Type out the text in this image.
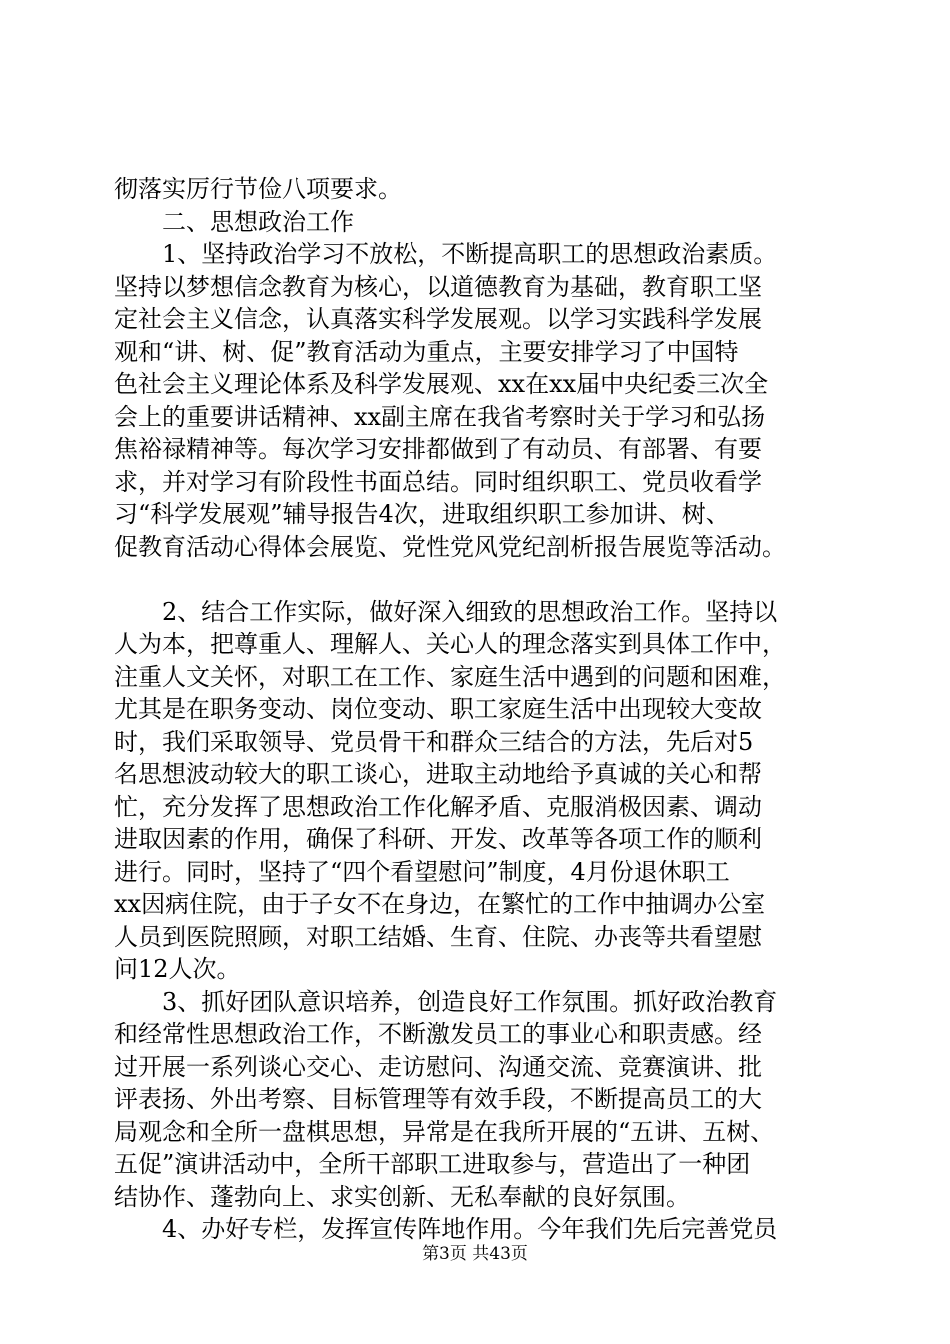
彻落实厉行节俭八项要求。
二、思想政治工作
1、坚持政治学习不放松，不断提高职工的思想政治素质。
坚持以梦想信念教育为核心，以道德教育为基础，教育职工坚
定社会主义信念，认真落实科学发展观。以学习实践科学发展
观和“讲、树、促”教育活动为重点，主要安排学习了中国特
色社会主义理论体系及科学发展观、xx在xx届中央纪委三次全
会上的重要讲话精神、xx副主席在我省考察时关于学习和弘扬
焦裕禄精神等。每次学习安排都做到了有动员、有部署、有要
求，并对学习有阶段性书面总结。同时组织职工、党员收看学
习“科学发展观”辅导报告4次，进取组织职工参加讲、树、
促教育活动心得体会展览、党性党风党纪剖析报告展览等活动。
2、结合工作实际，做好深入细致的思想政治工作。坚持以
人为本，把尊重人、理解人、关心人的理念落实到具体工作中，
注重人文关怀，对职工在工作、家庭生活中遇到的问题和困难，
尤其是在职务变动、岗位变动、职工家庭生活中出现较大变故
时，我们采取领导、党员骨干和群众三结合的方法，先后对5
名思想波动较大的职工谈心，进取主动地给予真诚的关心和帮
忙，充分发挥了思想政治工作化解矛盾、克服消极因素、调动
进取因素的作用，确保了科研、开发、改革等各项工作的顺利
进行。同时，坚持了“四个看望慰问”制度，4月份退休职工
xx因病住院，由于子女不在身边，在繁忙的工作中抽调办公室
人员到医院照顾，对职工结婚、生育、住院、办丧等共看望慰
问12人次。
3、抓好团队意识培养，创造良好工作氛围。抓好政治教育
和经常性思想政治工作，不断激发员工的事业心和职责感。经
过开展一系列谈心交心、走访慰问、沟通交流、竞赛演讲、批
评表扬、外出考察、目标管理等有效手段，不断提高员工的大
局观念和全所一盘棋思想，异常是在我所开展的“五讲、五树、
五促”演讲活动中，全所干部职工进取参与，营造出了一种团
结协作、蓬勃向上、求实创新、无私奉献的良好氛围。
4、办好专栏，发挥宣传阵地作用。今年我们先后完善党员
第3页 共43页
